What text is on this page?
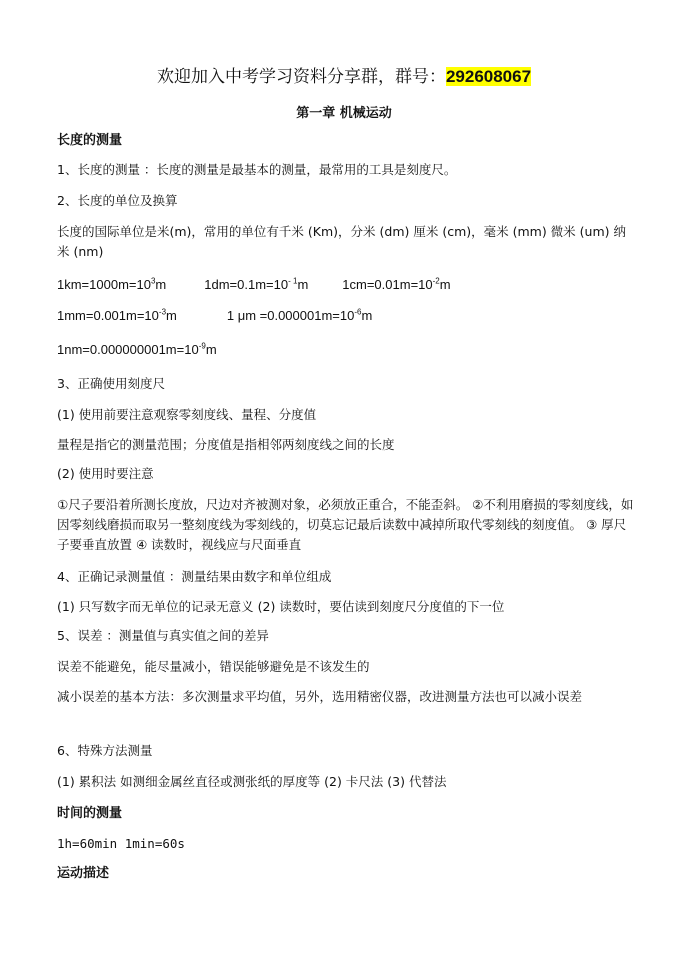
欢迎加入中考学习资料分享群，群号：292608067
第一章 机械运动
长度的测量
1、长度的测量 ：长度的测量是最基本的测量，最常用的工具是刻度尺。
2、长度的单位及换算
长度的国际单位是米(m)，常用的单位有千米 (Km)，分米 (dm) 厘米 (cm)，毫米 (mm) 微米 (um) 纳米 (nm)
$1km=1000m=10^3m$	$1dm=0.1m=10^{- 1}m$	$1cm=0.01m=10^{-2}m$
$1mm=0.001m=10^{-3}m$	1 $\mu m =0.000001m=10^{-6}m$
$1nm=0.000000001m=10^{-9}m$
3、正确使用刻度尺
(1) 使用前要注意观察零刻度线、量程、分度值
量程是指它的测量范围；分度值是指相邻两刻度线之间的长度
(2) 使用时要注意
①尺子要沿着所测长度放，尺边对齐被测对象，必须放正重合，不能歪斜。 ②不利用磨损的零刻度线，如因零刻线磨损而取另一整刻度线为零刻线的，切莫忘记最后读数中减掉所取代零刻线的刻度值。 ③ 厚尺子要垂直放置 ④ 读数时，视线应与尺面垂直
4、正确记录测量值 ：测量结果由数字和单位组成
(1) 只写数字而无单位的记录无意义 (2) 读数时，要估读到刻度尺分度值的下一位
5、误差 ：测量值与真实值之间的差异
误差不能避免，能尽量减小，错误能够避免是不该发生的
减小误差的基本方法：多次测量求平均值，另外，选用精密仪器，改进测量方法也可以减小误差
6、特殊方法测量
(1) 累积法 如测细金属丝直径或测张纸的厚度等 (2) 卡尺法 (3) 代替法
时间的测量
1h=60min 1min=60s
运动描述
